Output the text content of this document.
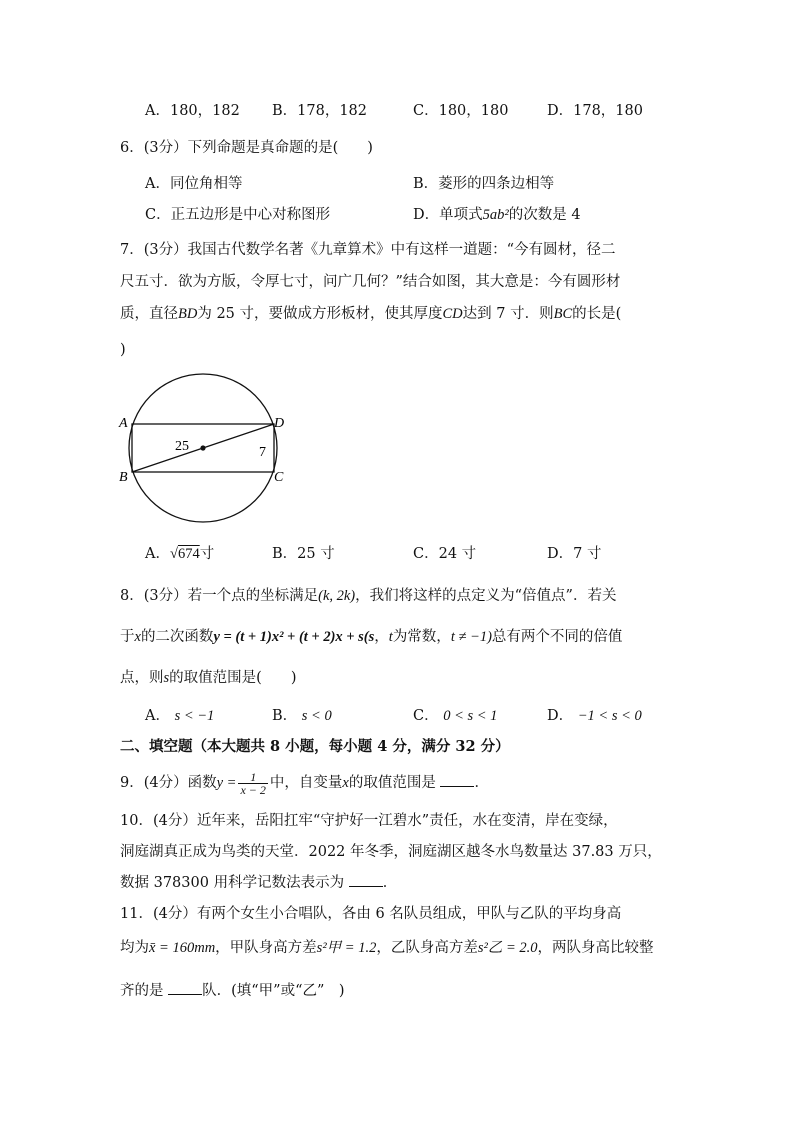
A．180，182 B．178，182	C．180，180	D．178，180
6．(3分）下列命题是真命题的是(　　)
A．同位角相等	B．菱形的四条边相等
C．正五边形是中心对称图形	D．单项式5ab²的次数是 4
7．(3分）我国古代数学名著《九章算术》中有这样一道题：“今有圆材，径二
尺五寸．欲为方版，令厚七寸，问广几何？”结合如图，其大意是：今有圆形材
质，直径BD为 25 寸，要做成方形板材，使其厚度CD达到 7 寸．则BC的长是(
)
A
B	C
D
25	7
A．√674寸	B．25 寸	C．24 寸	D．7 寸
8．(3分）若一个点的坐标满足(k, 2k)，我们将这样的点定义为“倍值点”．若关
于x的二次函数y = (t + 1)x² + (t + 2)x + s(s，t为常数，t ≠ −1)总有两个不同的倍值
点，则s的取值范围是(　　)
A． s < −1	B． s < 0	C． 0 < s < 1	D． −1 < s < 0
二、填空题（本大题共 8 小题，每小题 4 分，满分 32 分）
9．(4分）函数$y = \frac{1}{x - 2}$ 中，自变量x的取值范围是	．
10．(4分）近年来，岳阳扛牢“守护好一江碧水”责任，水在变清，岸在变绿，
洞庭湖真正成为鸟类的天堂．2022 年冬季，洞庭湖区越冬水鸟数量达 37.83 万只，
数据 378300 用科学记数法表示为	．
11．(4分）有两个女生小合唱队，各由 6 名队员组成，甲队与乙队的平均身高
均为x̄ = 160mm，甲队身高方差s²甲 = 1.2，乙队身高方差s²乙 = 2.0，两队身高比较整
齐的是	队．(填“甲”或“乙”　)
